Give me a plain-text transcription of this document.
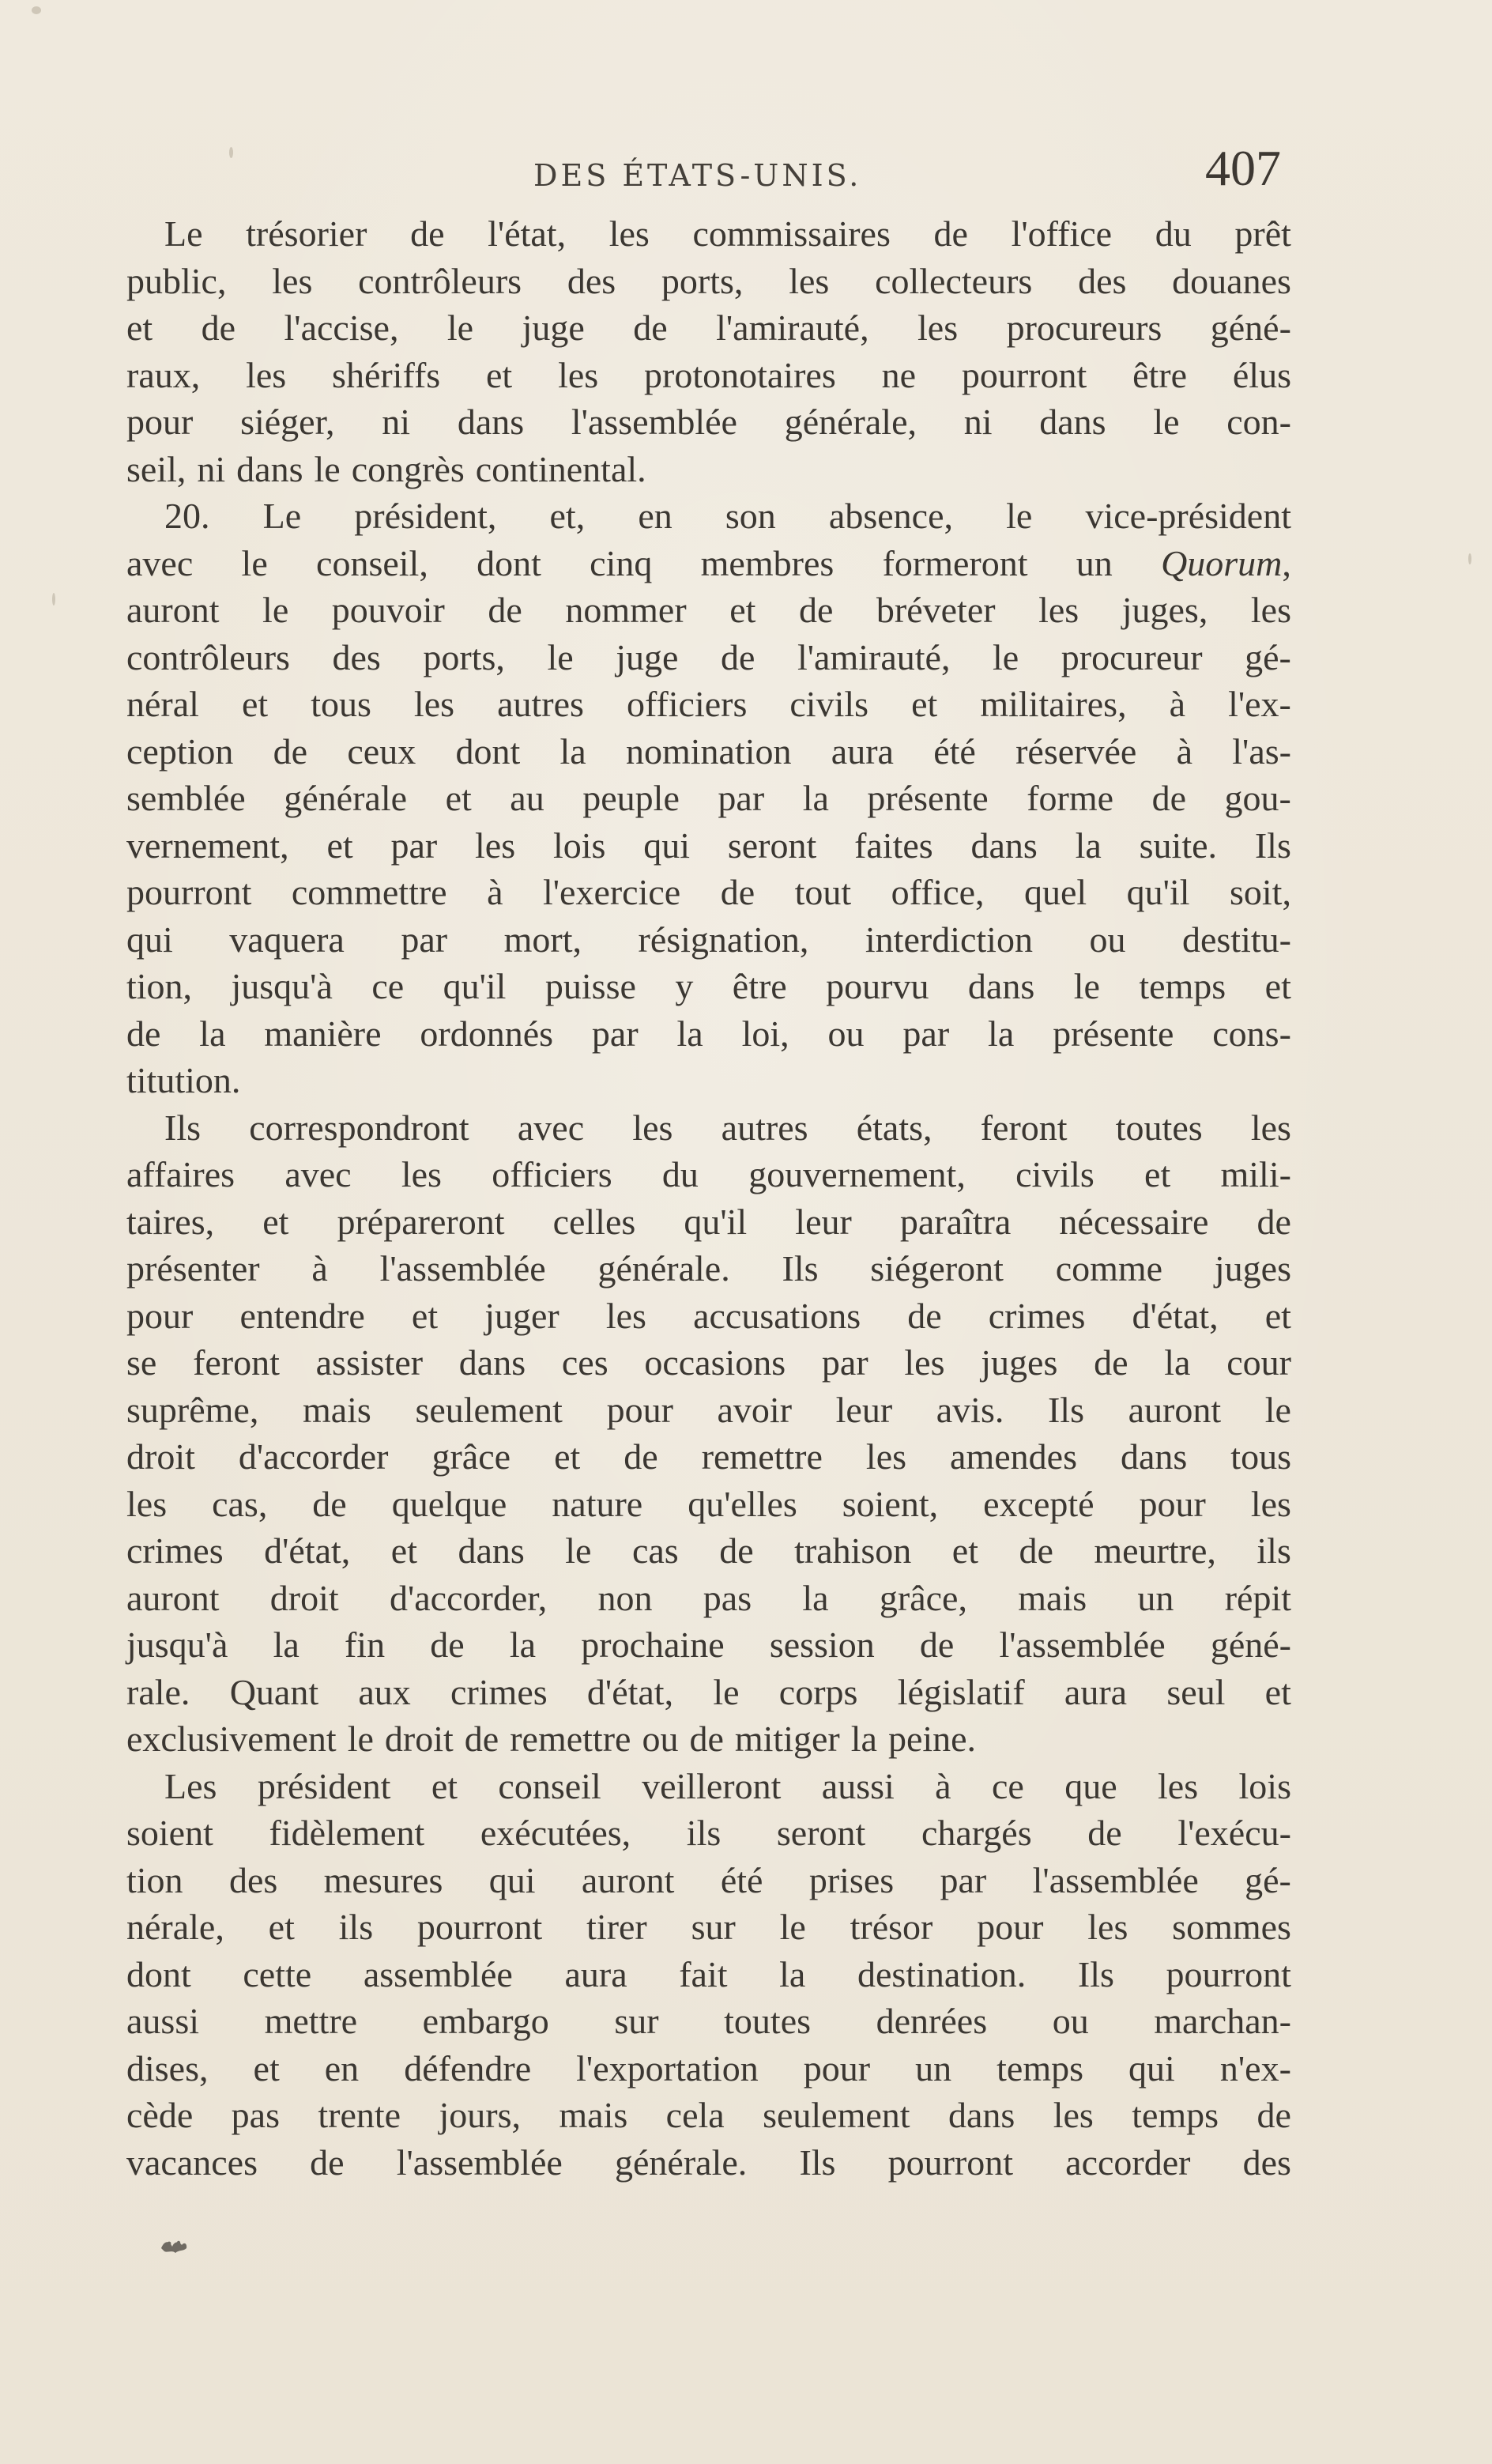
DES ÉTATS-UNIS.	407
Le trésorier de l'état, les commissaires de l'office du prêt
public, les contrôleurs des ports, les collecteurs des douanes
et de l'accise, le juge de l'amirauté, les procureurs géné-
raux, les shériffs et les protonotaires ne pourront être élus
pour siéger, ni dans l'assemblée générale, ni dans le con-
seil, ni dans le congrès continental.
20. Le président, et, en son absence, le vice-président
avec le conseil, dont cinq membres formeront un Quorum,
auront le pouvoir de nommer et de bréveter les juges, les
contrôleurs des ports, le juge de l'amirauté, le procureur gé-
néral et tous les autres officiers civils et militaires, à l'ex-
ception de ceux dont la nomination aura été réservée à l'as-
semblée générale et au peuple par la présente forme de gou-
vernement, et par les lois qui seront faites dans la suite. Ils
pourront commettre à l'exercice de tout office, quel qu'il soit,
qui vaquera par mort, résignation, interdiction ou destitu-
tion, jusqu'à ce qu'il puisse y être pourvu dans le temps et
de la manière ordonnés par la loi, ou par la présente cons-
titution.
Ils correspondront avec les autres états, feront toutes les
affaires avec les officiers du gouvernement, civils et mili-
taires, et prépareront celles qu'il leur paraîtra nécessaire de
présenter à l'assemblée générale. Ils siégeront comme juges
pour entendre et juger les accusations de crimes d'état, et
se feront assister dans ces occasions par les juges de la cour
suprême, mais seulement pour avoir leur avis. Ils auront le
droit d'accorder grâce et de remettre les amendes dans tous
les cas, de quelque nature qu'elles soient, excepté pour les
crimes d'état, et dans le cas de trahison et de meurtre, ils
auront droit d'accorder, non pas la grâce, mais un répit
jusqu'à la fin de la prochaine session de l'assemblée géné-
rale. Quant aux crimes d'état, le corps législatif aura seul et
exclusivement le droit de remettre ou de mitiger la peine.
Les président et conseil veilleront aussi à ce que les lois
soient fidèlement exécutées, ils seront chargés de l'exécu-
tion des mesures qui auront été prises par l'assemblée gé-
nérale, et ils pourront tirer sur le trésor pour les sommes
dont cette assemblée aura fait la destination. Ils pourront
aussi mettre embargo sur toutes denrées ou marchan-
dises, et en défendre l'exportation pour un temps qui n'ex-
cède pas trente jours, mais cela seulement dans les temps de
vacances de l'assemblée générale. Ils pourront accorder des
